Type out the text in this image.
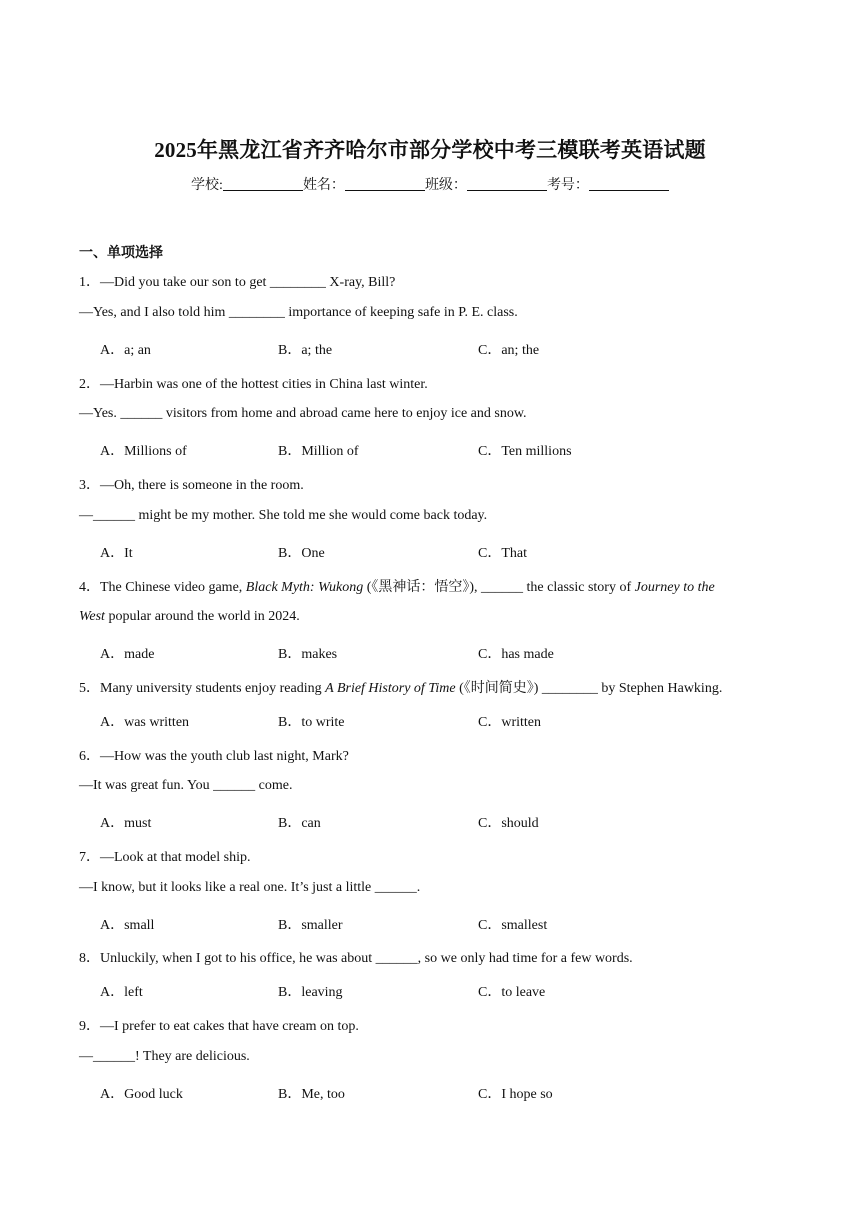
2025年黑龙江省齐齐哈尔市部分学校中考三模联考英语试题
学校:	姓名：	班级：	考号：
一、单项选择
1．—Did you take our son to get ________ X-ray, Bill?
—Yes, and I also told him ________ importance of keeping safe in P. E. class.
A．a; an	B．a; the	C．an; the
2．—Harbin was one of the hottest cities in China last winter.
—Yes. ______ visitors from home and abroad came here to enjoy ice and snow.
A．Millions of	B．Million of	C．Ten millions
3．—Oh, there is someone in the room.
—______ might be my mother. She told me she would come back today.
A．It	B．One	C．That
4．The Chinese video game, Black Myth: Wukong (《黑神话：悟空》), ______ the classic story of Journey to the
West popular around the world in 2024.
A．made	B．makes	C．has made
5．Many university students enjoy reading A Brief History of Time (《时间简史》) ________ by Stephen Hawking.
A．was written	B．to write	C．written
6．—How was the youth club last night, Mark?
—It was great fun. You ______ come.
A．must	B．can	C．should
7．—Look at that model ship.
—I know, but it looks like a real one. It’s just a little ______.
A．small	B．smaller	C．smallest
8．Unluckily, when I got to his office, he was about ______, so we only had time for a few words.
A．left	B．leaving	C．to leave
9．—I prefer to eat cakes that have cream on top.
—______! They are delicious.
A．Good luck	B．Me, too	C．I hope so
